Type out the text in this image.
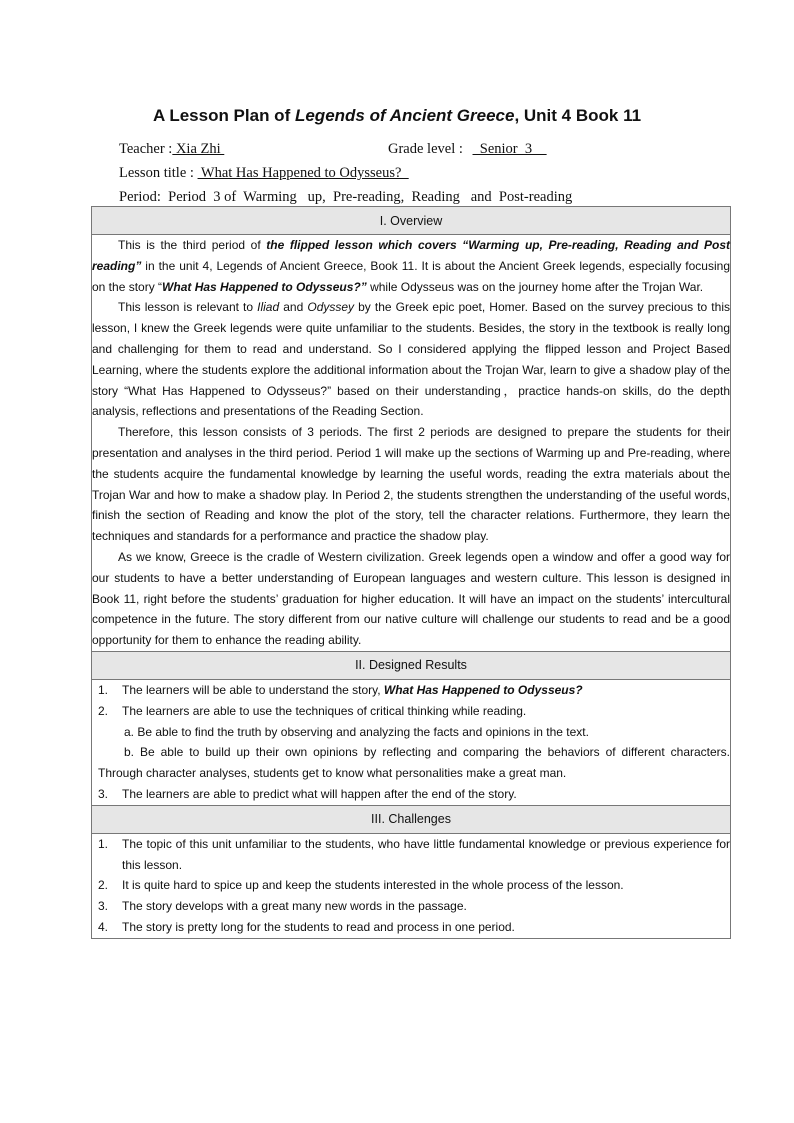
A Lesson Plan of Legends of Ancient Greece, Unit 4 Book 11
Teacher : Xia Zhi	Grade level :   Senior  3
Lesson title :  What Has Happened to Odysseus?
Period:  Period  3 of  Warming   up,  Pre-reading,  Reading   and  Post-reading
I. Overview

This is the third period of the flipped lesson which covers “Warming up, Pre-reading, Reading and Post reading” in the unit 4, Legends of Ancient Greece, Book 11. It is about the Ancient Greek legends, especially focusing on the story “What Has Happened to Odysseus?” while Odysseus was on the journey home after the Trojan War.

This lesson is relevant to Iliad and Odyssey by the Greek epic poet, Homer. Based on the survey precious to this lesson, I knew the Greek legends were quite unfamiliar to the students. Besides, the story in the textbook is really long and challenging for them to read and understand. So I considered applying the flipped lesson and Project Based Learning, where the students explore the additional information about the Trojan War, learn to give a shadow play of the story “What Has Happened to Odysseus?” based on their understanding，practice hands-on skills, do the depth analysis, reflections and presentations of the Reading Section.

Therefore, this lesson consists of 3 periods. The first 2 periods are designed to prepare the students for their presentation and analyses in the third period. Period 1 will make up the sections of Warming up and Pre-reading, where the students acquire the fundamental knowledge by learning the useful words, reading the extra materials about the Trojan War and how to make a shadow play. In Period 2, the students strengthen the understanding of the useful words, finish the section of Reading and know the plot of the story, tell the character relations. Furthermore, they learn the techniques and standards for a performance and practice the shadow play.

As we know, Greece is the cradle of Western civilization. Greek legends open a window and offer a good way for our students to have a better understanding of European languages and western culture. This lesson is designed in Book 11, right before the students’ graduation for higher education. It will have an impact on the students’ intercultural competence in the future. The story different from our native culture will challenge our students to read and be a good opportunity for them to enhance the reading ability.

II. Designed Results

1. The learners will be able to understand the story, What Has Happened to Odysseus?
2. The learners are able to use the techniques of critical thinking while reading.

a. Be able to find the truth by observing and analyzing the facts and opinions in the text.

b. Be able to build up their own opinions by reflecting and comparing the behaviors of different characters.     Through character analyses, students get to know what personalities make a great man.

3. The learners are able to predict what will happen after the end of the story.

III. Challenges

1. The topic of this unit unfamiliar to the students, who have little fundamental knowledge or previous experience for this lesson.
2. It is quite hard to spice up and keep the students interested in the whole process of the lesson.
3. The story develops with a great many new words in the passage.
4. The story is pretty long for the students to read and process in one period.
